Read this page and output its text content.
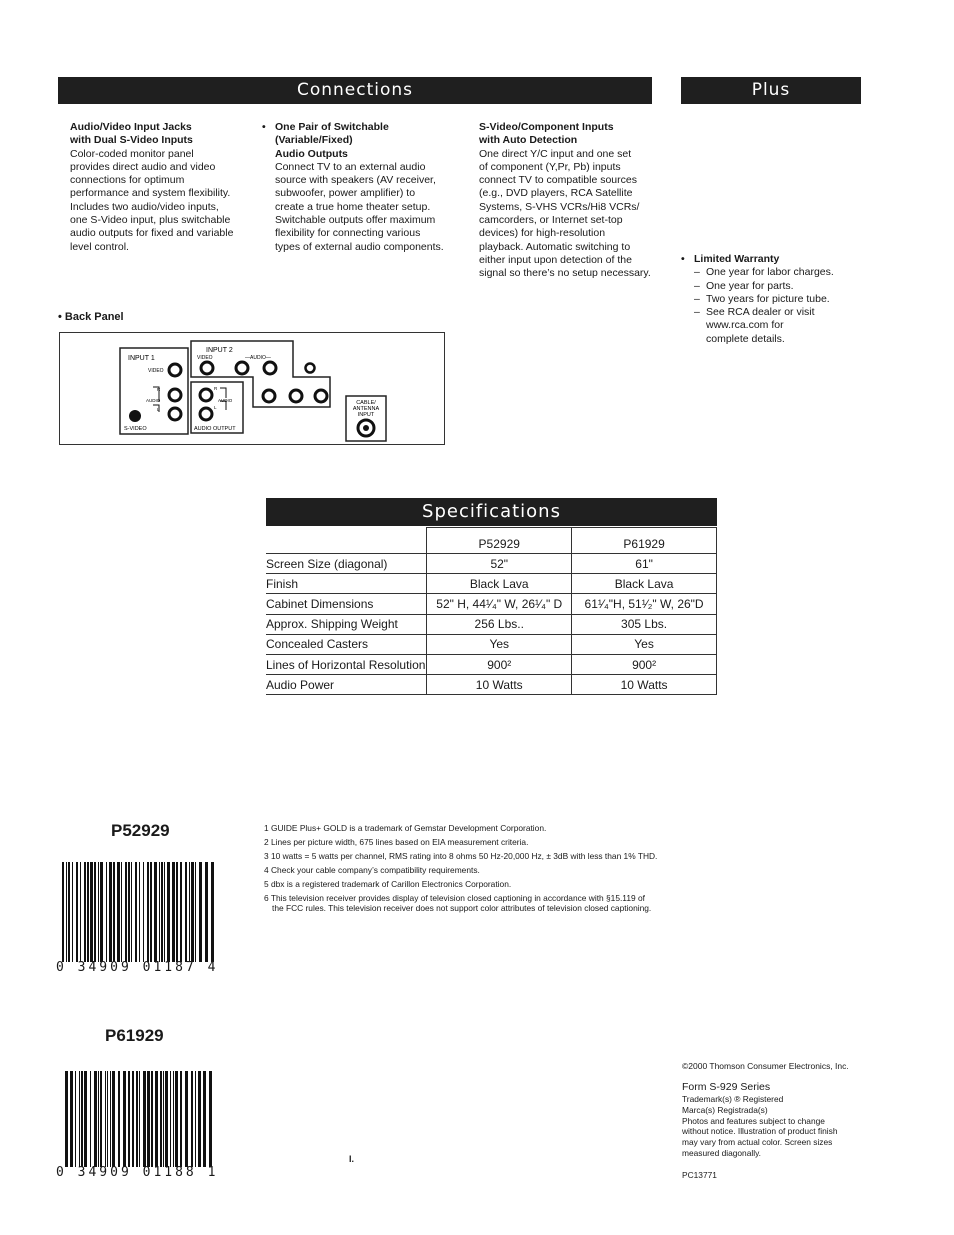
Connections	Plus
Audio/Video Input Jacks
with Dual S-Video Inputs
Color-coded monitor panel
provides direct audio and video
connections for optimum
performance and system flexibility.
Includes two audio/video inputs,
one S-Video input, plus switchable
audio outputs for fixed and variable
level control.
• One Pair of Switchable
(Variable/Fixed)
Audio Outputs
Connect TV to an external audio
source with speakers (AV receiver,
subwoofer, power amplifier) to
create a true home theater setup.
Switchable outputs offer maximum
flexibility for connecting various
types of external audio components.
S-Video/Component Inputs
with Auto Detection
One direct Y/C input and one set
of component (Y,Pr, Pb) inputs
connect TV to compatible sources
(e.g., DVD players, RCA Satellite
Systems, S-VHS VCRs/Hi8 VCRs/
camcorders, or Internet set-top
devices) for high-resolution
playback. Automatic switching to
either input upon detection of the
signal so there’s no setup necessary.
• Limited Warranty
– One year for labor charges.
– One year for parts.
– Two years for picture tube.
– See RCA dealer or visit
www.rca.com for
complete details.
• Back Panel
INPUT 1
VIDEO
R
AUDIO
L
S-VIDEO
INPUT 2
VIDEO	—AUDIO—
R
AUDIO
L
AUDIO OUTPUT
CABLE/
ANTENNA
INPUT
Specifications
	P52929	P61929
Screen Size (diagonal)	52"	61"
Finish	Black Lava	Black Lava
Cabinet Dimensions	52" H, 44¹⁄₄" W, 26¹⁄₄" D	61¹⁄₄"H, 51¹⁄₂" W, 26"D
Approx. Shipping Weight	256 Lbs..	305 Lbs.
Concealed Casters	Yes	Yes
Lines of Horizontal Resolution	900²	900²
Audio Power	10 Watts	10 Watts
P52929
0 34909 01187 4
P61929
0 34909 01188 1
1 GUIDE Plus+ GOLD is a trademark of Gemstar Development Corporation.
2 Lines per picture width, 675 lines based on EIA measurement criteria.
3 10 watts = 5 watts per channel, RMS rating into 8 ohms 50 Hz-20,000 Hz, ± 3dB with less than 1% THD.
4 Check your cable company’s compatibility requirements.
5 dbx is a registered trademark of Carillon Electronics Corporation.
6 This television receiver provides display of television closed captioning in accordance with §15.119 of the FCC rules. This television receiver does not support color attributes of television closed captioning.
I.
©2000 Thomson Consumer Electronics, Inc.
Form S-929 Series
Trademark(s) ® Registered
Marca(s) Registrada(s)
Photos and features subject to change
without notice. Illustration of product finish
may vary from actual color. Screen sizes
measured diagonally.
PC13771
